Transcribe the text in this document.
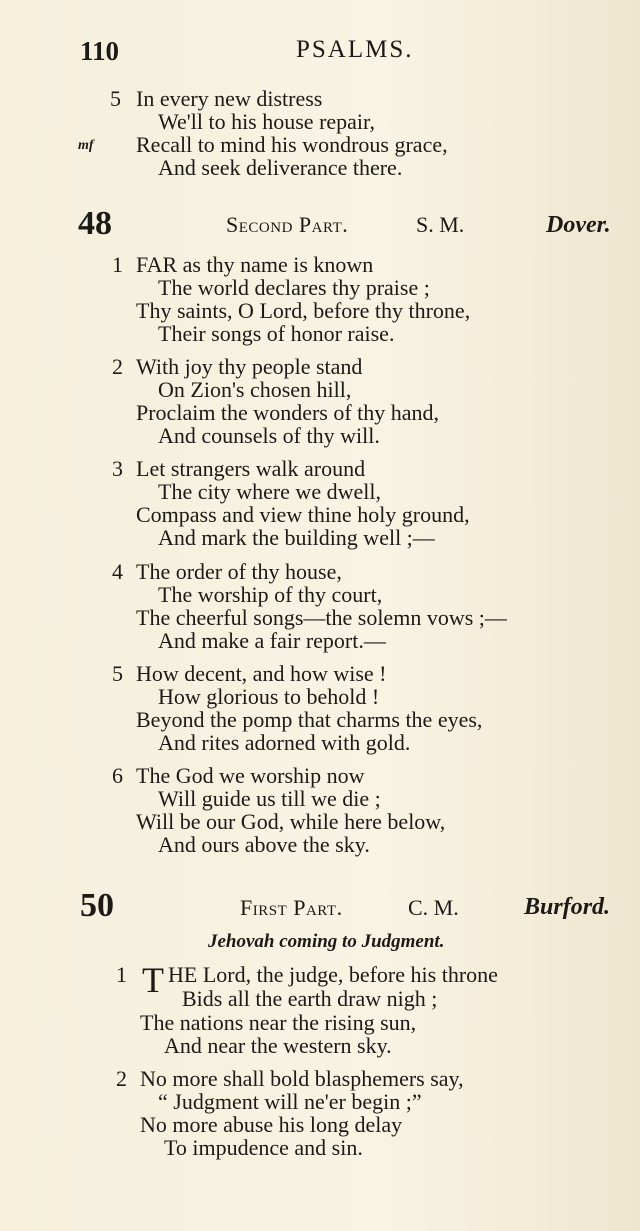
110	PSALMS.
5 In every new distress
We'll to his house repair,
mf Recall to mind his wondrous grace,
And seek deliverance there.
48	Second Part.	S. M.	Dover.
1 FAR as thy name is known
The world declares thy praise ;
Thy saints, O Lord, before thy throne,
Their songs of honor raise.
2 With joy thy people stand
On Zion's chosen hill,
Proclaim the wonders of thy hand,
And counsels of thy will.
3 Let strangers walk around
The city where we dwell,
Compass and view thine holy ground,
And mark the building well ;—
4 The order of thy house,
The worship of thy court,
The cheerful songs—the solemn vows ;—
And make a fair report.—
5 How decent, and how wise !
How glorious to behold !
Beyond the pomp that charms the eyes,
And rites adorned with gold.
6 The God we worship now
Will guide us till we die ;
Will be our God, while here below,
And ours above the sky.
50	First Part.	C. M.	Burford.
Jehovah coming to Judgment.
1 T HE Lord, the judge, before his throne
Bids all the earth draw nigh ;
The nations near the rising sun,
And near the western sky.
2 No more shall bold blasphemers say,
“ Judgment will ne'er begin ;”
No more abuse his long delay
To impudence and sin.
